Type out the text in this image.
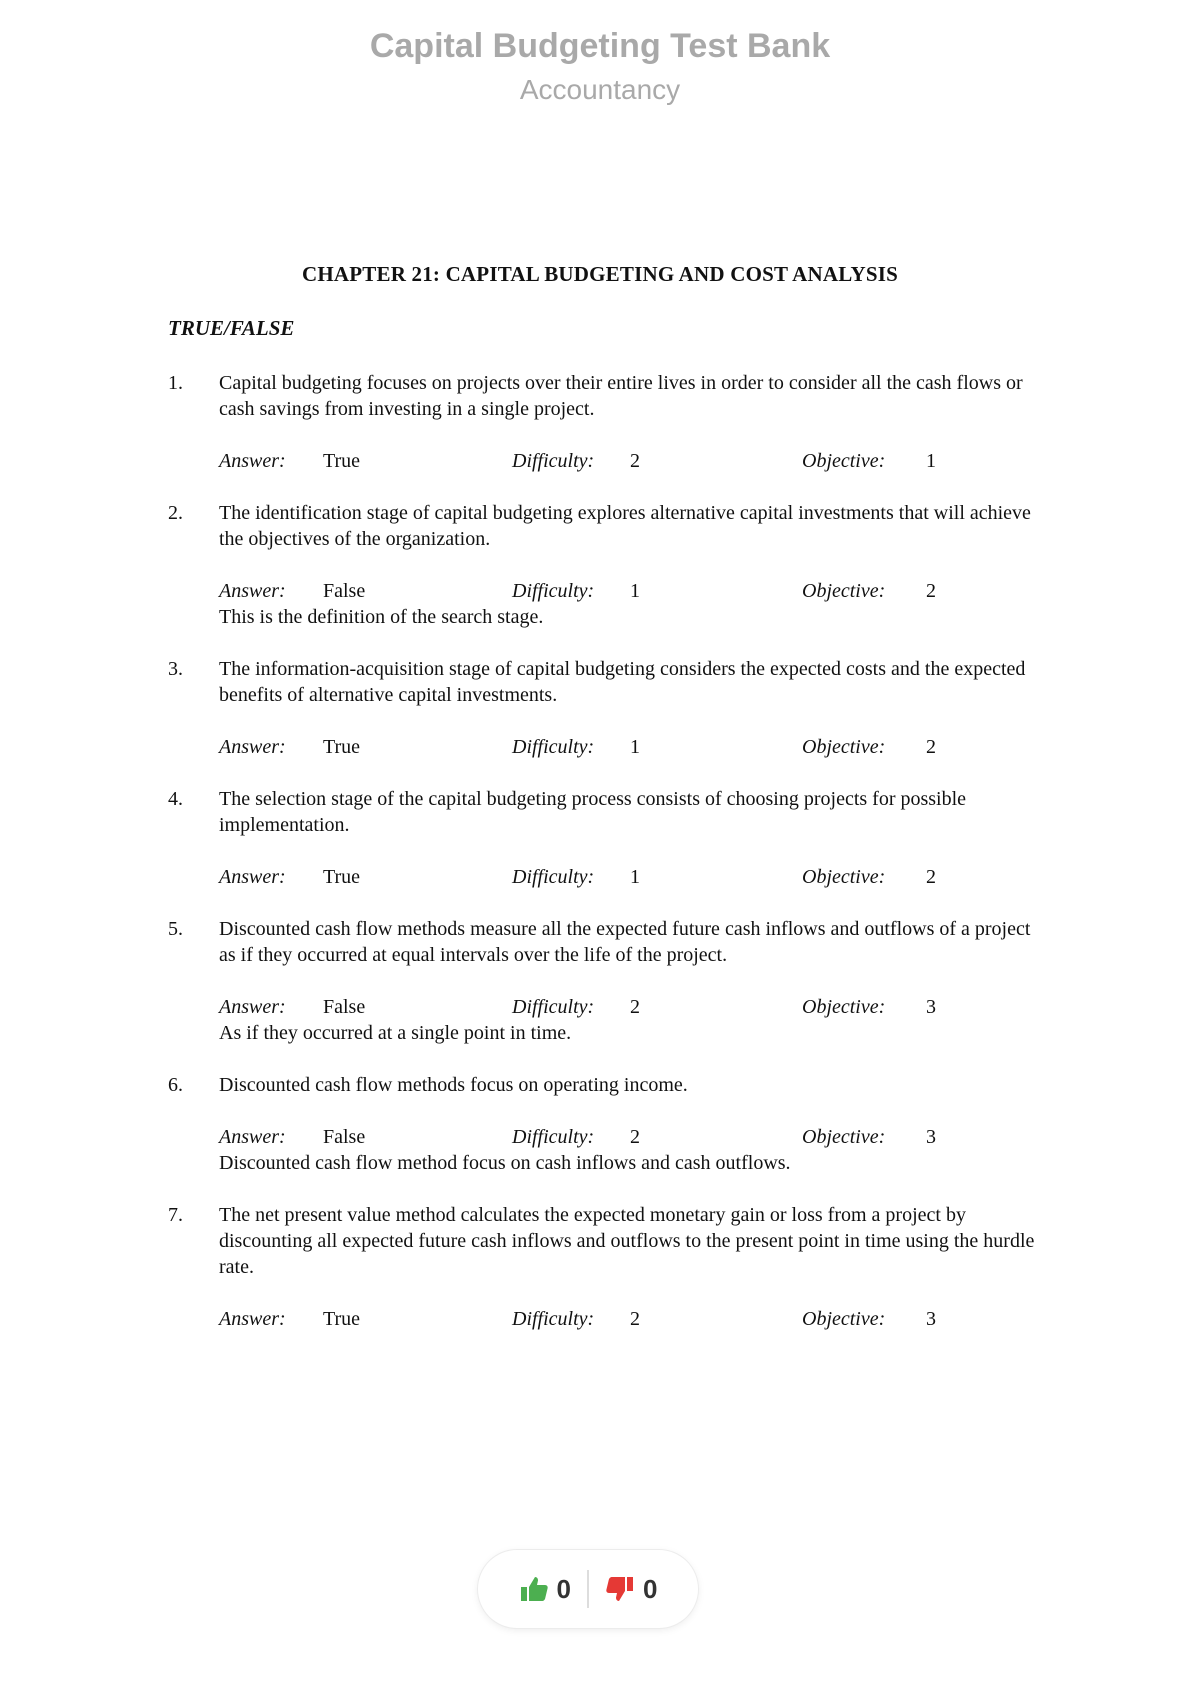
Capital Budgeting Test Bank
Accountancy
CHAPTER 21: CAPITAL BUDGETING AND COST ANALYSIS
TRUE/FALSE
1.	Capital budgeting focuses on projects over their entire lives in order to consider all the cash flows or cash savings from investing in a single project.
Answer:	True	Difficulty:	2	Objective:	1
2.	The identification stage of capital budgeting explores alternative capital investments that will achieve the objectives of the organization.
Answer:	False	Difficulty:	1	Objective:	2
This is the definition of the search stage.
3.	The information-acquisition stage of capital budgeting considers the expected costs and the expected benefits of alternative capital investments.
Answer:	True	Difficulty:	1	Objective:	2
4.	The selection stage of the capital budgeting process consists of choosing projects for possible implementation.
Answer:	True	Difficulty:	1	Objective:	2
5.	Discounted cash flow methods measure all the expected future cash inflows and outflows of a project as if they occurred at equal intervals over the life of the project.
Answer:	False	Difficulty:	2	Objective:	3
As if they occurred at a single point in time.
6.	Discounted cash flow methods focus on operating income.
Answer:	False	Difficulty:	2	Objective:	3
Discounted cash flow method focus on cash inflows and cash outflows.
7.	The net present value method calculates the expected monetary gain or loss from a project by discounting all expected future cash inflows and outflows to the present point in time using the hurdle rate.
Answer:	True	Difficulty:	2	Objective:	3
0	0
